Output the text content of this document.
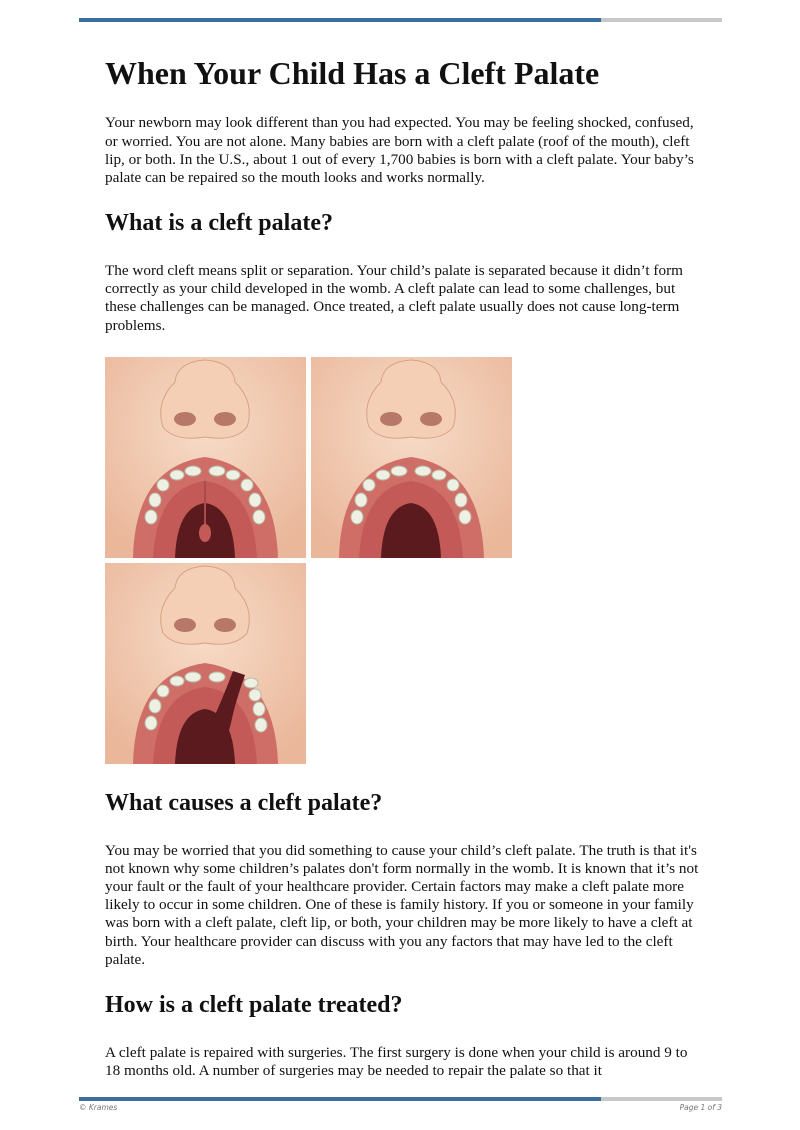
When Your Child Has a Cleft Palate

Your newborn may look different than you had expected. You may be feeling shocked, confused, or worried. You are not alone. Many babies are born with a cleft palate (roof of the mouth), cleft lip, or both. In the U.S., about 1 out of every 1,700 babies is born with a cleft palate. Your baby’s palate can be repaired so the mouth looks and works normally.

What is a cleft palate?

The word cleft means split or separation. Your child’s palate is separated because it didn’t form correctly as your child developed in the womb. A cleft palate can lead to some challenges, but these challenges can be managed. Once treated, a cleft palate usually does not cause long-term problems.

What causes a cleft palate?

You may be worried that you did something to cause your child’s cleft palate. The truth is that it's not known why some children’s palates don't form normally in the womb. It is known that it’s not your fault or the fault of your healthcare provider. Certain factors may make a cleft palate more likely to occur in some children. One of these is family history. If you or someone in your family was born with a cleft palate, cleft lip, or both, your children may be more likely to have a cleft at birth. Your healthcare provider can discuss with you any factors that may have led to the cleft palate.

How is a cleft palate treated?

A cleft palate is repaired with surgeries. The first surgery is done when your child is around 9 to 18 months old. A number of surgeries may be needed to repair the palate so that it

© Krames	Page 1 of 3
